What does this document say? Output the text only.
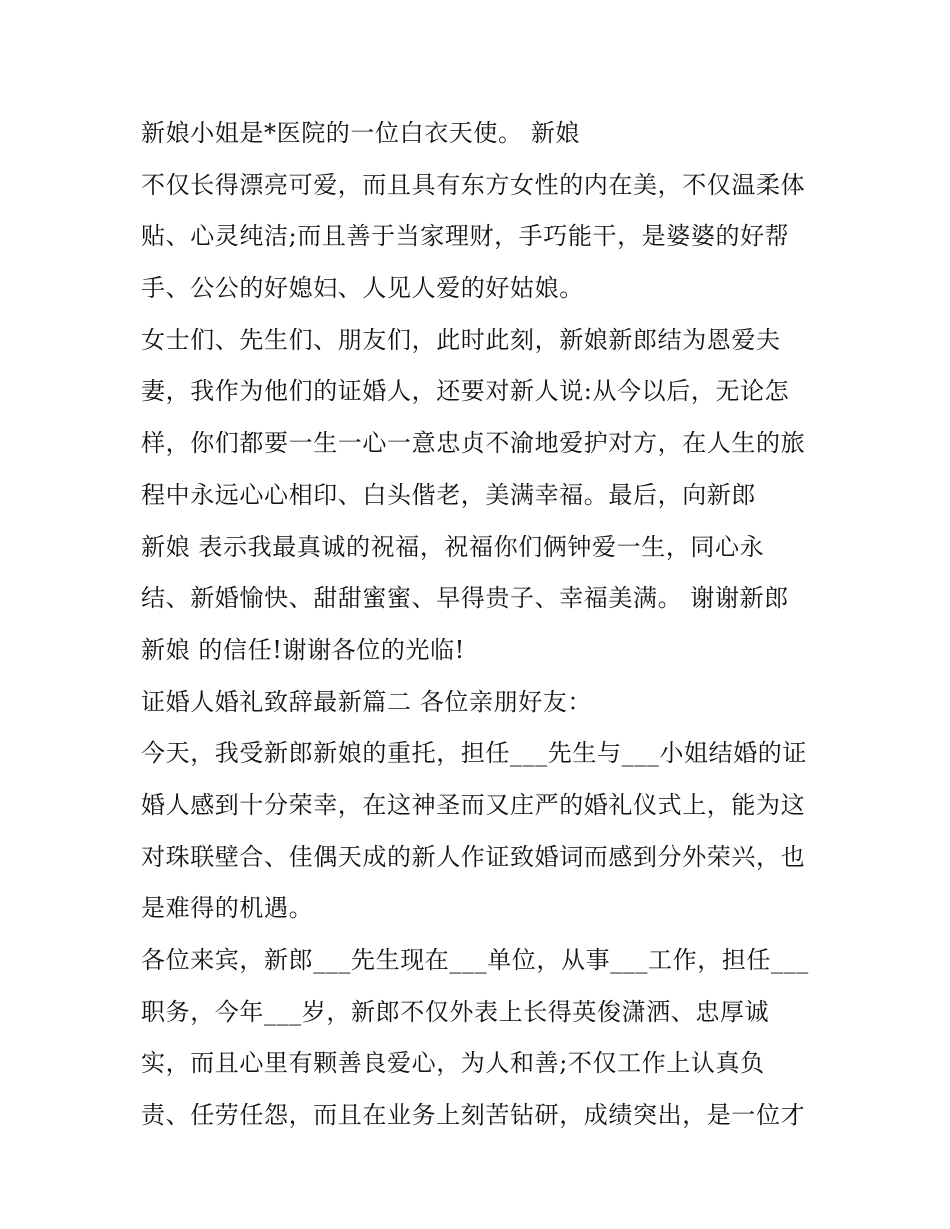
新娘小姐是*医院的一位白衣天使。 新娘
不仅长得漂亮可爱，而且具有东方女性的内在美，不仅温柔体
贴、心灵纯洁;而且善于当家理财，手巧能干，是婆婆的好帮
手、公公的好媳妇、人见人爱的好姑娘。
女士们、先生们、朋友们，此时此刻，新娘新郎结为恩爱夫
妻，我作为他们的证婚人，还要对新人说:从今以后，无论怎
样，你们都要一生一心一意忠贞不渝地爱护对方，在人生的旅
程中永远心心相印、白头偕老，美满幸福。最后，向新郎
新娘 表示我最真诚的祝福，祝福你们俩钟爱一生，同心永
结、新婚愉快、甜甜蜜蜜、早得贵子、幸福美满。 谢谢新郎
新娘 的信任!谢谢各位的光临!
证婚人婚礼致辞最新篇二 各位亲朋好友：
今天，我受新郎新娘的重托，担任___先生与___小姐结婚的证
婚人感到十分荣幸，在这神圣而又庄严的婚礼仪式上，能为这
对珠联壁合、佳偶天成的新人作证致婚词而感到分外荣兴，也
是难得的机遇。
各位来宾，新郎___先生现在___单位，从事___工作，担任___
职务，今年___岁，新郎不仅外表上长得英俊潇洒、忠厚诚
实，而且心里有颗善良爱心，为人和善;不仅工作上认真负
责、任劳任怨，而且在业务上刻苦钻研，成绩突出，是一位才
